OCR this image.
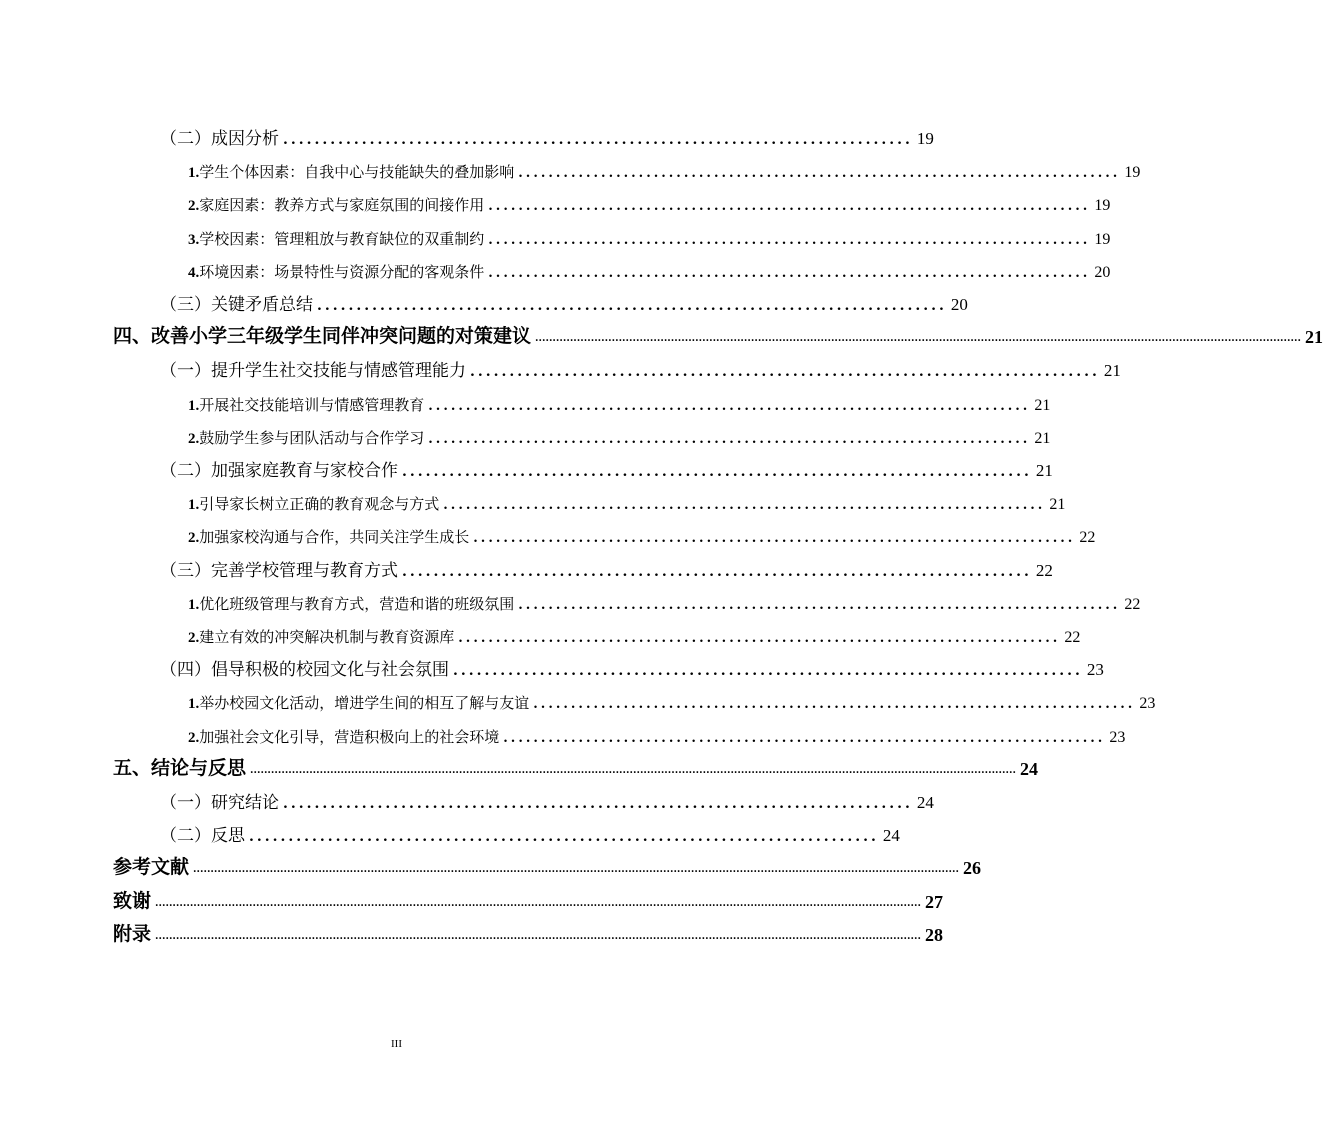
（二）成因分析 ................................................................................ 19
1.学生个体因素：自我中心与技能缺失的叠加影响 ................................................................................ 19
2.家庭因素：教养方式与家庭氛围的间接作用 ................................................................................ 19
3.学校因素：管理粗放与教育缺位的双重制约 ................................................................................ 19
4.环境因素：场景特性与资源分配的客观条件 ................................................................................ 20
（三）关键矛盾总结 ................................................................................ 20
四、改善小学三年级学生同伴冲突问题的对策建议 ............................................................................................................................................................................................................................ 21
（一）提升学生社交技能与情感管理能力 ................................................................................ 21
1.开展社交技能培训与情感管理教育 ................................................................................ 21
2.鼓励学生参与团队活动与合作学习 ................................................................................ 21
（二）加强家庭教育与家校合作 ................................................................................ 21
1.引导家长树立正确的教育观念与方式 ................................................................................ 21
2.加强家校沟通与合作，共同关注学生成长 ................................................................................ 22
（三）完善学校管理与教育方式 ................................................................................ 22
1.优化班级管理与教育方式，营造和谐的班级氛围 ................................................................................ 22
2.建立有效的冲突解决机制与教育资源库 ................................................................................ 22
（四）倡导积极的校园文化与社会氛围 ................................................................................ 23
1.举办校园文化活动，增进学生间的相互了解与友谊 ................................................................................ 23
2.加强社会文化引导，营造积极向上的社会环境 ................................................................................ 23
五、结论与反思 ............................................................................................................................................................................................................................ 24
（一）研究结论 ................................................................................ 24
（二）反思 ................................................................................ 24
参考文献 ............................................................................................................................................................................................................................ 26
致谢 ............................................................................................................................................................................................................................ 27
附录 ............................................................................................................................................................................................................................ 28
III
